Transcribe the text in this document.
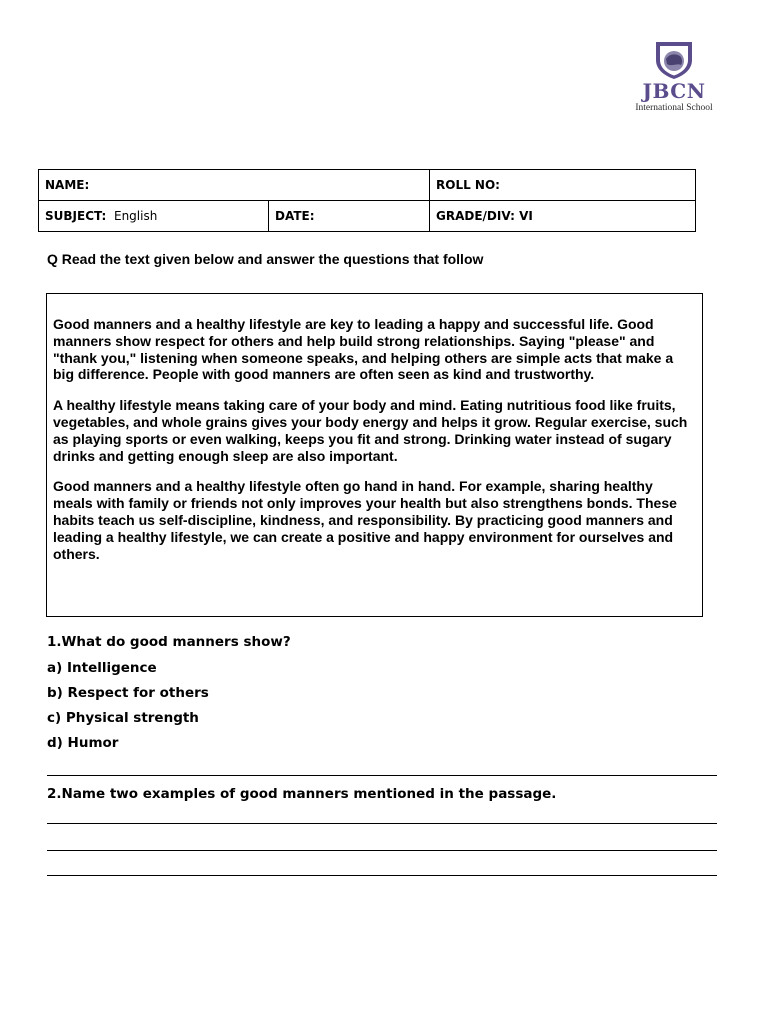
JBCN
International School
NAME:		ROLL NO:
SUBJECT: English	DATE:	GRADE/DIV: VI
Q Read the text given below and answer the questions that follow

Good manners and a healthy lifestyle are key to leading a happy and successful life. Good manners show respect for others and help build strong relationships. Saying "please" and "thank you," listening when someone speaks, and helping others are simple acts that make a big difference. People with good manners are often seen as kind and trustworthy.

A healthy lifestyle means taking care of your body and mind. Eating nutritious food like fruits, vegetables, and whole grains gives your body energy and helps it grow. Regular exercise, such as playing sports or even walking, keeps you fit and strong. Drinking water instead of sugary drinks and getting enough sleep are also important.

Good manners and a healthy lifestyle often go hand in hand. For example, sharing healthy meals with family or friends not only improves your health but also strengthens bonds. These habits teach us self-discipline, kindness, and responsibility. By practicing good manners and leading a healthy lifestyle, we can create a positive and happy environment for ourselves and others.

1.What do good manners show?
a) Intelligence
b) Respect for others
c) Physical strength
d) Humor
2.Name two examples of good manners mentioned in the passage.
